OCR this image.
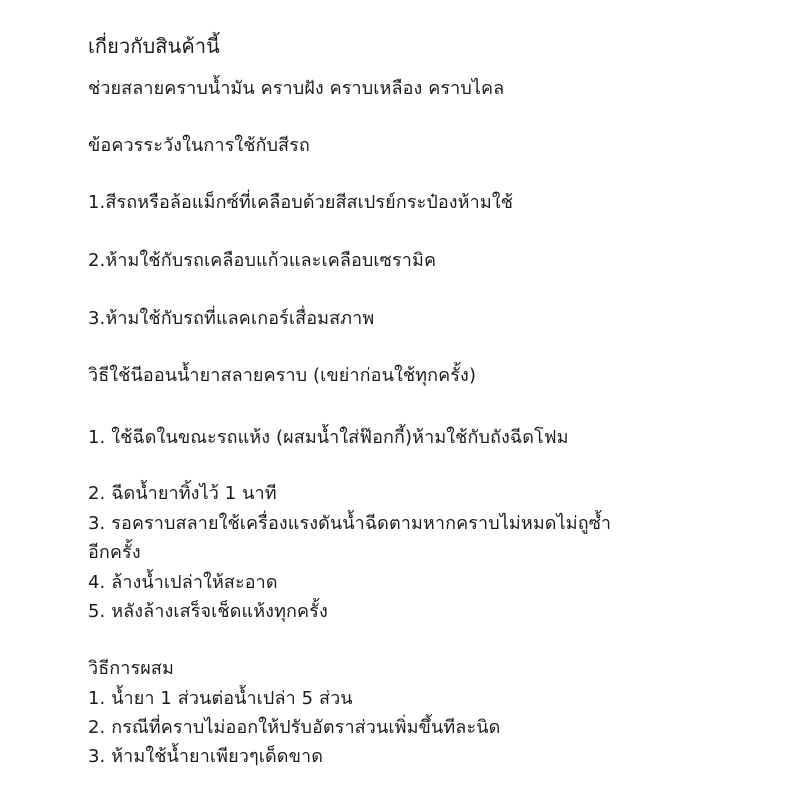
เกี่ยวกับสินค้านี้
ช่วยสลายคราบน้ำมัน คราบฝัง คราบเหลือง คราบไคล
ข้อควรระวังในการใช้กับสีรถ
1.สีรถหรือล้อแม็กซ์ที่เคลือบด้วยสีสเปรย์กระป๋องห้ามใช้
2.ห้ามใช้กับรถเคลือบแก้วและเคลือบเซรามิค
3.ห้ามใช้กับรถที่แลคเกอร์เสื่อมสภาพ
วิธีใช้นีออนน้ำยาสลายคราบ (เขย่าก่อนใช้ทุกครั้ง)
1. ใช้ฉีดในขณะรถแห้ง (ผสมน้ำใส่ฟ๊อกกี้)ห้ามใช้กับถังฉีดโฟม
2. ฉีดน้ำยาทิ้งไว้ 1 นาที
3. รอคราบสลายใช้เครื่องแรงดันน้ำฉีดตามหากคราบไม่หมดไม่ถูซ้ำ
อีกครั้ง
4. ล้างน้ำเปล่าให้สะอาด
5. หลังล้างเสร็จเช็ดแห้งทุกครั้ง
วิธีการผสม
1. น้ำยา 1 ส่วนต่อน้ำเปล่า 5 ส่วน
2. กรณีที่คราบไม่ออกให้ปรับอัตราส่วนเพิ่มขึ้นทีละนิด
3. ห้ามใช้น้ำยาเพียวๆเด็ดขาด
